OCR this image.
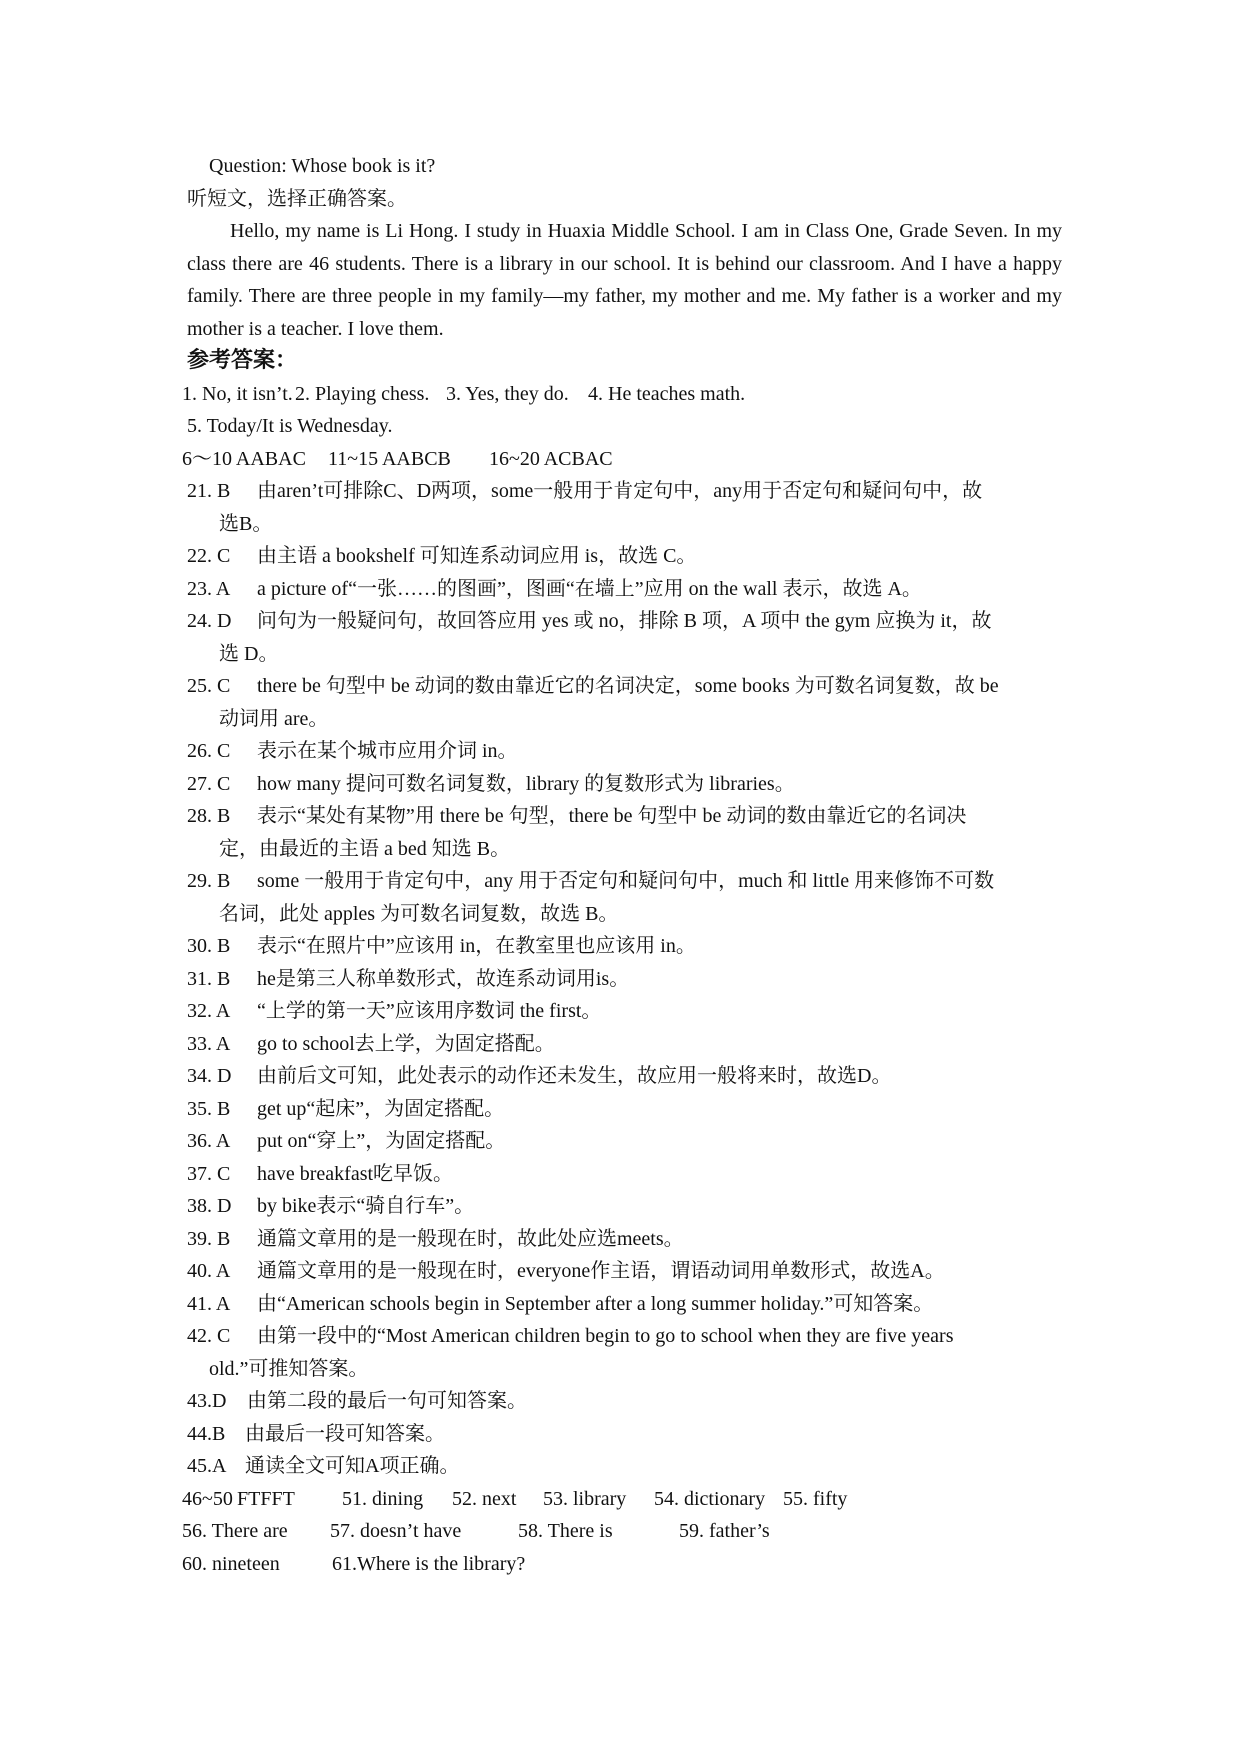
Question: Whose book is it?
听短文，选择正确答案。
Hello, my name is Li Hong. I study in Huaxia Middle School. I am in Class One, Grade Seven. In my class there are 46 students. There is a library in our school. It is behind our classroom. And I have a happy family. There are three people in my family—my father, my mother and me. My father is a worker and my mother is a teacher. I love them.
参考答案：
1. No, it isn’t. 2. Playing chess. 3. Yes, they do. 4. He teaches math.
5. Today/It is Wednesday.
6～10 AABAC 11~15 AABCB 16~20 ACBAC
21. B	由aren’t可排除C、D两项，some一般用于肯定句中，any用于否定句和疑问句中，故
选B。
22. C	由主语 a bookshelf 可知连系动词应用 is，故选 C。
23. A	a picture of“一张……的图画”，图画“在墙上”应用 on the wall 表示，故选 A。
24. D	问句为一般疑问句，故回答应用 yes 或 no，排除 B 项，A 项中 the gym 应换为 it，故
选 D。
25. C	there be 句型中 be 动词的数由靠近它的名词决定，some books 为可数名词复数，故 be
动词用 are。
26. C	表示在某个城市应用介词 in。
27. C	how many 提问可数名词复数，library 的复数形式为 libraries。
28. B	表示“某处有某物”用 there be 句型，there be 句型中 be 动词的数由靠近它的名词决
定，由最近的主语 a bed 知选 B。
29. B	some 一般用于肯定句中，any 用于否定句和疑问句中，much 和 little 用来修饰不可数
名词，此处 apples 为可数名词复数，故选 B。
30. B	表示“在照片中”应该用 in，在教室里也应该用 in。
31. B	he是第三人称单数形式，故连系动词用is。
32. A	“上学的第一天”应该用序数词 the first。
33. A	go to school去上学，为固定搭配。
34. D	由前后文可知，此处表示的动作还未发生，故应用一般将来时，故选D。
35. B	get up“起床”，为固定搭配。
36. A	put on“穿上”，为固定搭配。
37. C	have breakfast吃早饭。
38. D	by bike表示“骑自行车”。
39. B	通篇文章用的是一般现在时，故此处应选meets。
40. A	通篇文章用的是一般现在时，everyone作主语，谓语动词用单数形式，故选A。
41. A	由“American schools begin in September after a long summer holiday.”可知答案。
42. C	由第一段中的“Most American children begin to go to school when they are five years
old.”可推知答案。
43.D	由第二段的最后一句可知答案。
44.B 由最后一段可知答案。
45.A 通读全文可知A项正确。
46~50 FTFFT 51. dining 52. next 53. library 54. dictionary 55. fifty
56. There are 57. doesn’t have	58. There is	59. father’s
60. nineteen	61.Where is the library?
